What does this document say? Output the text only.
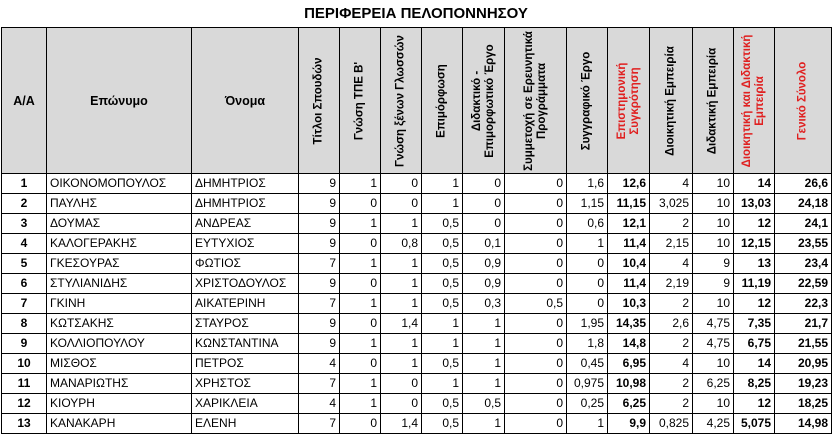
ΠΕΡΙΦΕΡΕΙΑ ΠΕΛΟΠΟΝΝΗΣΟΥ
Α/Α	Επώνυμο	Όνομα	Τίτλοι Σπουδών	Γνώση ΤΠΕ Β'	Γνώση ξένων Γλωσσών	Επιμόρφωση	Διδακτικό - Επιμορφωτικό Έργο	Συμμετοχή σε Ερευνητικά Προγράμματα	Συγγραφικό Έργο	Επιστημονική Συγκρότηση	Διοικητική Εμπειρία	Διδακτική Εμπειρία	Διοικητική και Διδακτική Εμπειρία	Γενικό Σύνολο

1	ΟΙΚΟΝΟΜΟΠΟΥΛΟΣ	ΔΗΜΗΤΡΙΟΣ	9	1	0	1	0	0	1,6	12,6	4	10	14	26,6
2	ΠΑΥΛΗΣ	ΔΗΜΗΤΡΙΟΣ	9	0	0	1	0	0	1,15	11,15	3,025	10	13,03	24,18
3	ΔΟΥΜΑΣ	ΑΝΔΡΕΑΣ	9	1	1	0,5	0	0	0,6	12,1	2	10	12	24,1
4	ΚΑΛΟΓΕΡΑΚΗΣ	ΕΥΤΥΧΙΟΣ	9	0	0,8	0,5	0,1	0	1	11,4	2,15	10	12,15	23,55
5	ΓΚΕΣΟΥΡΑΣ	ΦΩΤΙΟΣ	7	1	1	0,5	0,9	0	0	10,4	4	9	13	23,4
6	ΣΤΥΛΙΑΝΙΔΗΣ	ΧΡΙΣΤΟΔΟΥΛΟΣ	9	0	1	0,5	0,9	0	0	11,4	2,19	9	11,19	22,59
7	ΓΚΙΝΗ	ΑΙΚΑΤΕΡΙΝΗ	7	1	1	0,5	0,3	0,5	0	10,3	2	10	12	22,3
8	ΚΩΤΣΑΚΗΣ	ΣΤΑΥΡΟΣ	9	0	1,4	1	1	0	1,95	14,35	2,6	4,75	7,35	21,7
9	ΚΟΛΛΙΟΠΟΥΛΟΥ	ΚΩΝΣΤΑΝΤΙΝΑ	9	1	1	1	1	0	1,8	14,8	2	4,75	6,75	21,55
10	ΜΙΣΘΟΣ	ΠΕΤΡΟΣ	4	0	1	0,5	1	0	0,45	6,95	4	10	14	20,95
11	ΜΑΝΑΡΙΩΤΗΣ	ΧΡΗΣΤΟΣ	7	1	0	1	1	0	0,975	10,98	2	6,25	8,25	19,23
12	ΚΙΟΥΡΗ	ΧΑΡΙΚΛΕΙΑ	4	1	0	0,5	0,5	0	0,25	6,25	2	10	12	18,25
13	ΚΑΝΑΚΑΡΗ	ΕΛΕΝΗ	7	0	1,4	0,5	1	0	1	9,9	0,825	4,25	5,075	14,98
